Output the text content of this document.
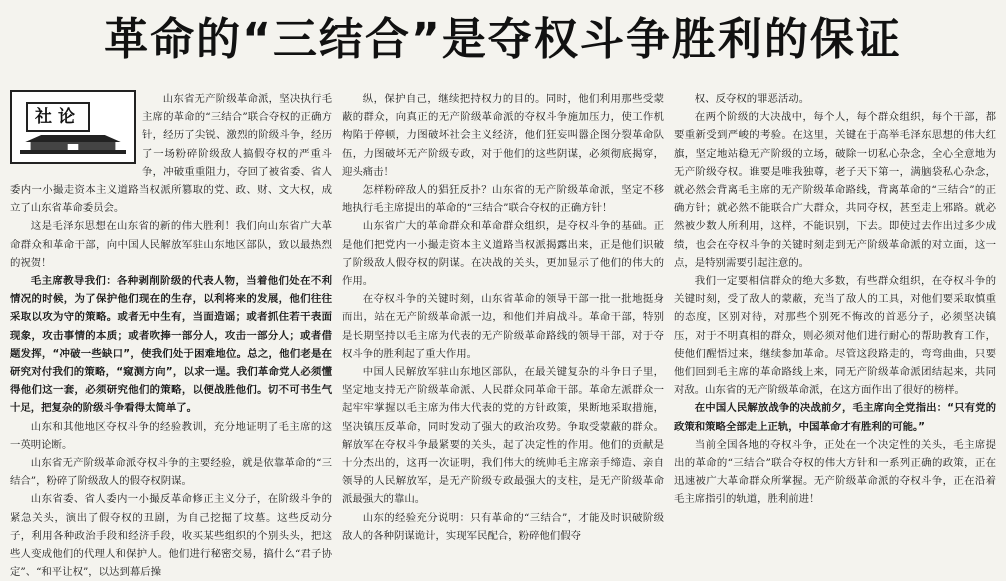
革命的“三结合”是夺权斗争胜利的保证
社论

山东省无产阶级革命派，坚决执行毛主席的革命的“三结合”联合夺权的正确方针，经历了尖锐、激烈的阶级斗争，经历了一场粉碎阶级敌人搞假夺权的严重斗争，冲破重重阻力，夺回了被省委、省人委内一小撮走资本主义道路当权派所篡取的党、政、财、文大权，成立了山东省革命委员会。

这是毛泽东思想在山东省的新的伟大胜利！我们向山东省广大革命群众和革命干部，向中国人民解放军驻山东地区部队，致以最热烈的祝贺！

毛主席教导我们：各种剥削阶级的代表人物，当着他们处在不利情况的时候，为了保护他们现在的生存，以利将来的发展，他们往往采取以攻为守的策略。或者无中生有，当面造谣；或者抓住若干表面现象，攻击事情的本质；或者吹捧一部分人，攻击一部分人；或者借题发挥，“冲破一些缺口”，使我们处于困难地位。总之，他们老是在研究对付我们的策略，“窥测方向”，以求一逞。我们革命党人必须懂得他们这一套，必须研究他们的策略，以便战胜他们。切不可书生气十足，把复杂的阶级斗争看得太简单了。

山东和其他地区夺权斗争的经验教训，充分地证明了毛主席的这一英明论断。

山东省无产阶级革命派夺权斗争的主要经验，就是依靠革命的“三结合”，粉碎了阶级敌人的假夺权阴谋。

山东省委、省人委内一小撮反革命修正主义分子，在阶级斗争的紧急关头，演出了假夺权的丑剧，为自己挖掘了坟墓。这些反动分子，利用各种政治手段和经济手段，收买某些组织的个别头头，把这些人变成他们的代理人和保护人。他们进行秘密交易，搞什么“君子协定”、“和平让权”，以达到幕后操

纵，保护自己，继续把持权力的目的。同时，他们利用那些受蒙蔽的群众，向真正的无产阶级革命派的夺权斗争施加压力，使工作机构陷于停顿，力图破坏社会主义经济，他们狂妄叫嚣企图分裂革命队伍，力图破坏无产阶级专政，对于他们的这些阴谋，必须彻底揭穿，迎头痛击！

怎样粉碎敌人的猖狂反扑？山东省的无产阶级革命派，坚定不移地执行毛主席提出的革命的“三结合”联合夺权的正确方针！

山东省广大的革命群众和革命群众组织，是夺权斗争的基础。正是他们把党内一小撮走资本主义道路当权派揭露出来，正是他们识破了阶级敌人假夺权的阴谋。在决战的关头，更加显示了他们的伟大的作用。

在夺权斗争的关键时刻，山东省革命的领导干部一批一批地挺身而出，站在无产阶级革命派一边，和他们并肩战斗。革命干部，特别是长期坚持以毛主席为代表的无产阶级革命路线的领导干部，对于夺权斗争的胜利起了重大作用。

中国人民解放军驻山东地区部队，在最关键复杂的斗争日子里，坚定地支持无产阶级革命派、人民群众同革命干部。革命左派群众一起牢牢掌握以毛主席为伟大代表的党的方针政策，果断地采取措施，坚决镇压反革命，同时发动了强大的政治攻势。争取受蒙蔽的群众。解放军在夺权斗争最紧要的关头，起了决定性的作用。他们的贡献是十分杰出的，这再一次证明，我们伟大的统帅毛主席亲手缔造、亲自领导的人民解放军，是无产阶级专政最强大的支柱，是无产阶级革命派最强大的靠山。

山东的经验充分说明：只有革命的“三结合”，才能及时识破阶级敌人的各种阴谋诡计，实现军民配合，粉碎他们假夺

权、反夺权的罪恶活动。

在两个阶级的大决战中，每个人，每个群众组织，每个干部，都要重新受到严峻的考验。在这里，关键在于高举毛泽东思想的伟大红旗，坚定地站稳无产阶级的立场，破除一切私心杂念，全心全意地为无产阶级夺权。谁要是唯我独尊，老子天下第一，满脑袋私心杂念，就必然会背离毛主席的无产阶级革命路线，背离革命的“三结合”的正确方针；就必然不能联合广大群众，共同夺权，甚至走上邪路。就必然被少数人所利用，这样，不能识别，下去。即使过去作出过多少成绩，也会在夺权斗争的关键时刻走到无产阶级革命派的对立面，这一点，是特别需要引起注意的。

我们一定要相信群众的绝大多数，有些群众组织，在夺权斗争的关键时刻，受了敌人的蒙蔽，充当了敌人的工具，对他们要采取慎重的态度，区别对待，对那些个别死不悔改的首恶分子，必须坚决镇压，对于不明真相的群众，则必须对他们进行耐心的帮助教育工作，使他们醒悟过来，继续参加革命。尽管这段路走的，弯弯曲曲，只要他们回到毛主席的革命路线上来，同无产阶级革命派团结起来，共同对敌。山东省的无产阶级革命派，在这方面作出了很好的榜样。

在中国人民解放战争的决战前夕，毛主席向全党指出：“只有党的政策和策略全部走上正轨，中国革命才有胜利的可能。”

当前全国各地的夺权斗争，正处在一个决定性的关头，毛主席提出的革命的“三结合”联合夺权的伟大方针和一系列正确的政策，正在迅速被广大革命群众所掌握。无产阶级革命派的夺权斗争，正在沿着毛主席指引的轨道，胜利前进！
